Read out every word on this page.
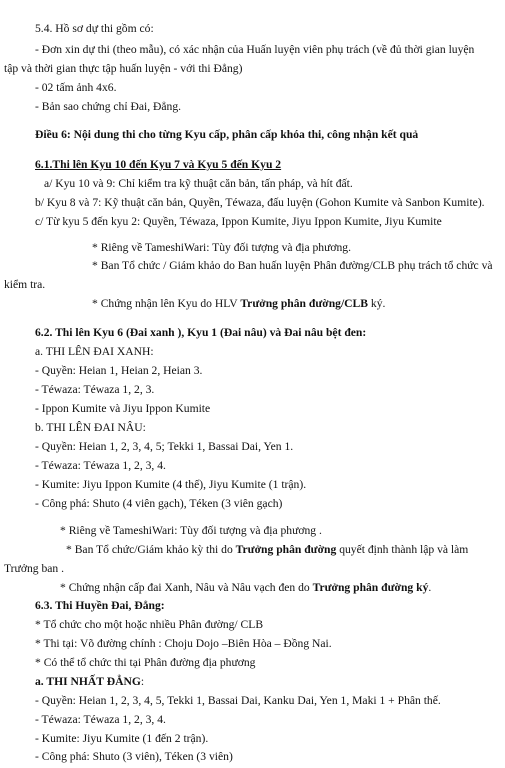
5.4. Hồ sơ dự thi gồm có:
- Đơn xin dự thi (theo mẫu), có xác nhận của Huấn luyện viên phụ trách (về đủ thời gian luyện
tập và thời gian thực tập huấn luyện - với thi Đẳng)
- 02 tấm ảnh 4x6.
- Bản sao chứng chỉ Đai, Đẳng.
Điều 6: Nội dung thi cho từng Kyu cấp, phân cấp khóa thi, công nhận kết quả
6.1.Thi lên Kyu 10 đến Kyu 7 và Kyu 5 đến Kyu 2
a/ Kyu 10 và 9: Chỉ kiểm tra kỹ thuật căn bản, tấn pháp, và hít đất.
b/ Kyu 8 và 7: Kỹ thuật căn bản, Quyền, Téwaza, đấu luyện (Gohon Kumite và Sanbon Kumite).
c/ Từ kyu 5 đến kyu 2: Quyền, Téwaza, Ippon Kumite, Jiyu Ippon Kumite, Jiyu Kumite
* Riêng về TameshiWari: Tùy đối tượng và địa phương.
* Ban Tổ chức / Giám khảo do Ban huấn luyện Phân đường/CLB phụ trách tổ chức và
kiểm tra.
* Chứng nhận lên Kyu do HLV Trưởng phân đường/CLB ký.
6.2. Thi lên Kyu 6 (Đai xanh ), Kyu 1 (Đai nâu) và Đai nâu bệt đen:
a. THI LÊN ĐAI XANH:
- Quyền: Heian 1, Heian 2, Heian 3.
- Téwaza: Téwaza 1, 2, 3.
- Ippon Kumite và Jiyu Ippon Kumite
b. THI LÊN ĐAI NÂU:
- Quyền: Heian 1, 2, 3, 4, 5; Tekki 1, Bassai Dai, Yen 1.
- Téwaza: Téwaza 1, 2, 3, 4.
- Kumite: Jiyu Ippon Kumite (4 thế), Jiyu Kumite (1 trận).
- Công phá: Shuto (4 viên gạch), Téken (3 viên gạch)
* Riêng về TameshiWari: Tùy đối tượng và địa phương .
* Ban Tổ chức/Giám khảo kỳ thi do Trưởng phân đường quyết định thành lập và làm
Trưởng ban .
* Chứng nhận cấp đai Xanh, Nâu và Nâu vạch đen do Trưởng phân đường ký.
6.3. Thi Huyền Đai, Đẳng:
* Tổ chức cho một hoặc nhiều Phân đường/ CLB
* Thi tại: Võ đường chính : Choju Dojo –Biên Hòa – Đồng Nai.
* Có thể tổ chức thi tại Phân đường địa phương
a. THI NHẤT ĐẲNG:
- Quyền: Heian 1, 2, 3, 4, 5, Tekki 1, Bassai Dai, Kanku Dai, Yen 1, Maki 1 + Phân thế.
- Téwaza: Téwaza 1, 2, 3, 4.
- Kumite: Jiyu Kumite (1 đến 2 trận).
- Công phá: Shuto (3 viên), Téken (3 viên)
